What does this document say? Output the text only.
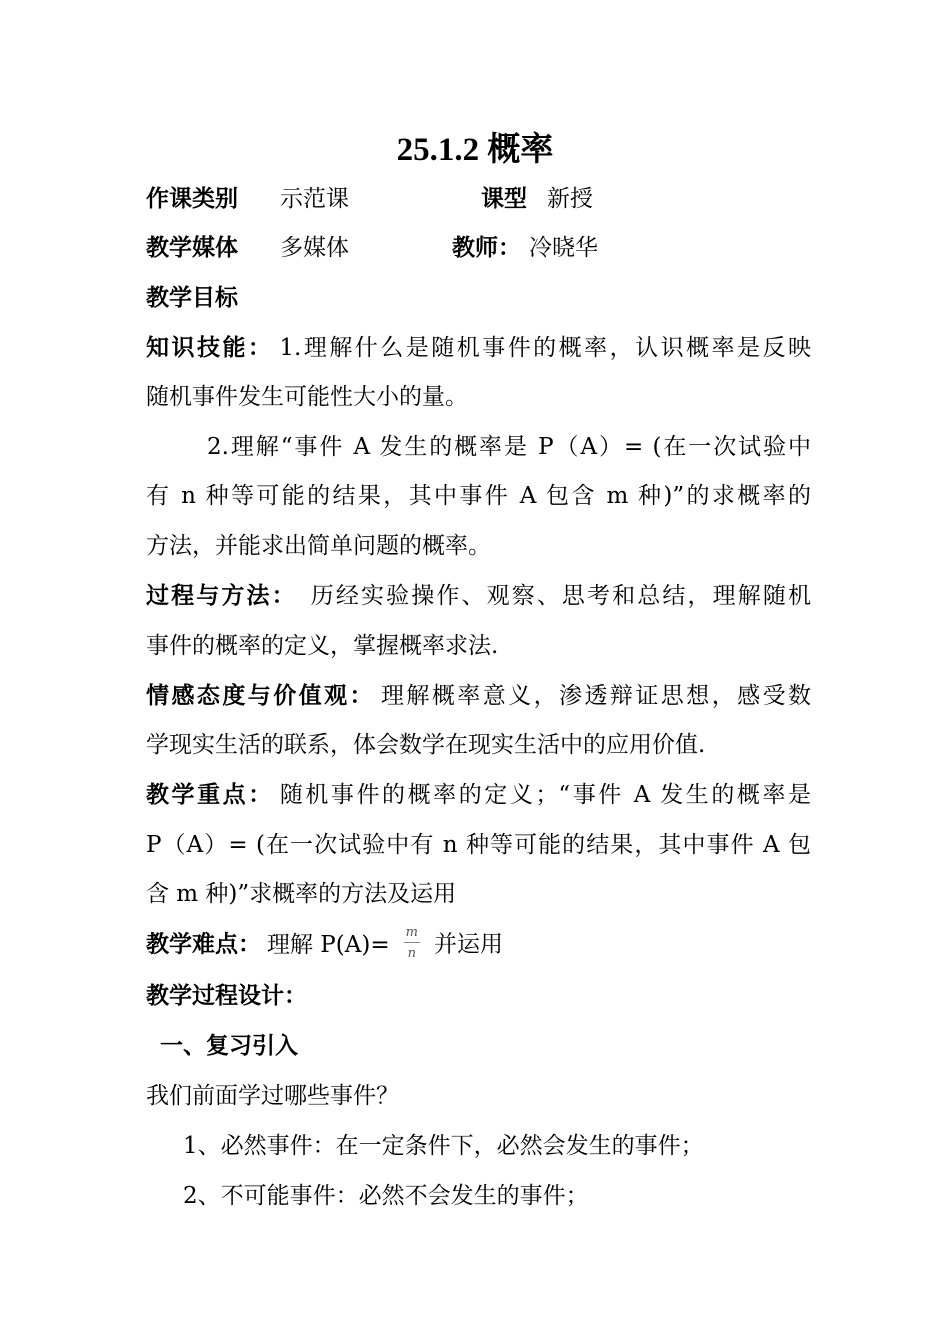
25.1.2 概率
作课类别 示范课	课型 新授
教学媒体 多媒体	教师： 冷晓华
教学目标
知识技能： 1.理解什么是随机事件的概率，认识概率是反映
随机事件发生可能性大小的量。
2.理解“事件 A 发生的概率是 P（A）= (在一次试验中
有 n 种等可能的结果，其中事件 A 包含 m 种)”的求概率的
方法，并能求出简单问题的概率。
过程与方法： 历经实验操作、观察、思考和总结，理解随机
事件的概率的定义，掌握概率求法.
情感态度与价值观： 理解概率意义，渗透辩证思想，感受数
学现实生活的联系，体会数学在现实生活中的应用价值.
教学重点： 随机事件的概率的定义；“事件 A 发生的概率是
P（A）= (在一次试验中有 n 种等可能的结果，其中事件 A 包
含 m 种)”求概率的方法及运用
教学难点： 理解 $P(A)= \frac{m}{n}$ 并运用
教学过程设计：
一、复习引入
我们前面学过哪些事件？
1、必然事件：在一定条件下，必然会发生的事件；
2、不可能事件：必然不会发生的事件；
